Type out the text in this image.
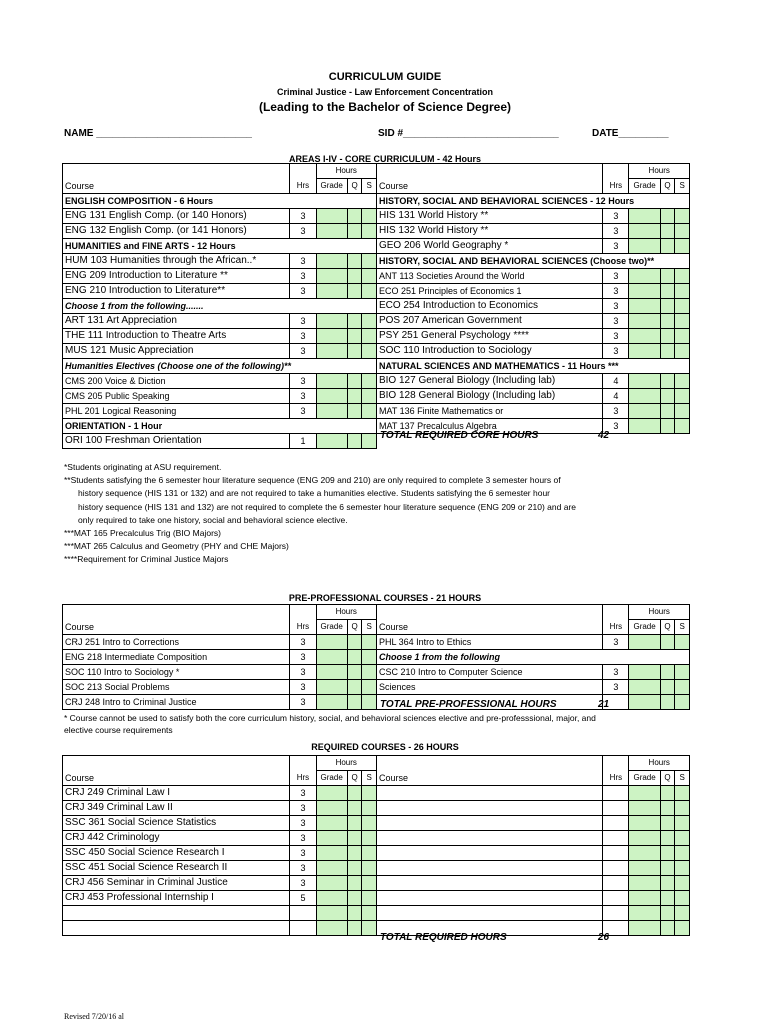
CURRICULUM GUIDE
Criminal Justice - Law Enforcement Concentration
(Leading to the Bachelor of Science Degree)
NAME ____________________________	SID #____________________________	DATE_________
AREAS I-IV - CORE CURRICULUM - 42 Hours
		Hours					Hours		
Course	Hrs	Grade	Q	S	Course	Hrs	Grade	Q	S
ENGLISH COMPOSITION - 6 Hours					HISTORY, SOCIAL AND BEHAVIORAL SCIENCES - 12 Hours				
ENG 131 English Comp. (or 140 Honors)	3				HIS 131 World History **	3			
ENG 132 English Comp. (or 141 Honors)	3				HIS 132 World History **	3			
HUMANITIES and FINE ARTS - 12 Hours					GEO 206 World Geography *	3			
HUM 103 Humanities through the African..*	3				HISTORY, SOCIAL AND BEHAVIORAL SCIENCES (Choose two)**				
ENG 209 Introduction to Literature **	3				ANT 113 Societies Around the World	3			
ENG 210 Introduction to Literature**	3				ECO 251 Principles of Economics 1	3			
Choose 1 from the following.......					ECO 254 Introduction to Economics	3			
ART 131 Art Appreciation	3				POS 207 American Government	3			
THE 111 Introduction to Theatre Arts	3				PSY 251 General Psychology ****	3			
MUS 121 Music Appreciation	3				SOC 110 Introduction to Sociology	3			
Humanities Electives (Choose one of the following)**					NATURAL SCIENCES AND MATHEMATICS - 11 Hours ***				
CMS 200 Voice & Diction	3				BIO 127 General Biology (Including lab)	4			
CMS 205 Public Speaking	3				BIO 128 General Biology (Including lab)	4			
PHL 201 Logical Reasoning	3				MAT 136 Finite Mathematics or	3			
ORIENTATION - 1 Hour					MAT 137 Precalculus Algebra	3			
ORI 100 Freshman Orientation	1									TOTAL REQUIRED CORE HOURS	42
*Students originating at ASU requirement.
**Students satisfying the 6 semester hour literature sequence (ENG 209 and 210) are only required to complete 3 semester hours of
history sequence (HIS 131 or 132) and are not required to take a humanities elective. Students satisfying the 6 semester hour
history sequence (HIS 131 and 132) are not required to complete the 6 semester hour literature sequence (ENG 209 or 210) and are
only required to take one history, social and behavioral science elective.
***MAT 165 Precalculus Trig (BIO Majors)
***MAT 265 Calculus and Geometry (PHY and CHE Majors)
****Requirement for Criminal Justice Majors
PRE-PROFESSIONAL COURSES - 21 HOURS
		Hours					Hours		
Course	Hrs	Grade	Q	S	Course	Hrs	Grade	Q	S
CRJ 251 Intro to Corrections	3				PHL 364 Intro to Ethics	3			
ENG 218 Intermediate Composition	3				Choose 1 from the following				
SOC 110 Intro to Sociology *	3				CSC 210 Intro to Computer Science	3			
SOC 213 Social Problems	3				Sciences	3			
CRJ 248 Intro to Criminal Justice	3									TOTAL PRE-PROFESSIONAL HOURS	21
* Course cannot be used to satisfy both the core curriculum history, social, and behavioral sciences elective and pre-professsional, major, and
elective course requirements
REQUIRED COURSES - 26 HOURS
		Hours					Hours		
Course	Hrs	Grade	Q	S	Course	Hrs	Grade	Q	S
CRJ 249 Criminal Law I	3								
CRJ 349 Criminal Law II	3								
SSC 361 Social Science Statistics	3								
CRJ 442 Criminology	3								
SSC 450 Social Science Research I	3								
SSC 451 Social Science Research II	3								
CRJ 456 Seminar in Criminal Justice	3								
CRJ 453 Professional Internship I	5								

TOTAL REQUIRED HOURS	26
Revised 7/20/16 al
